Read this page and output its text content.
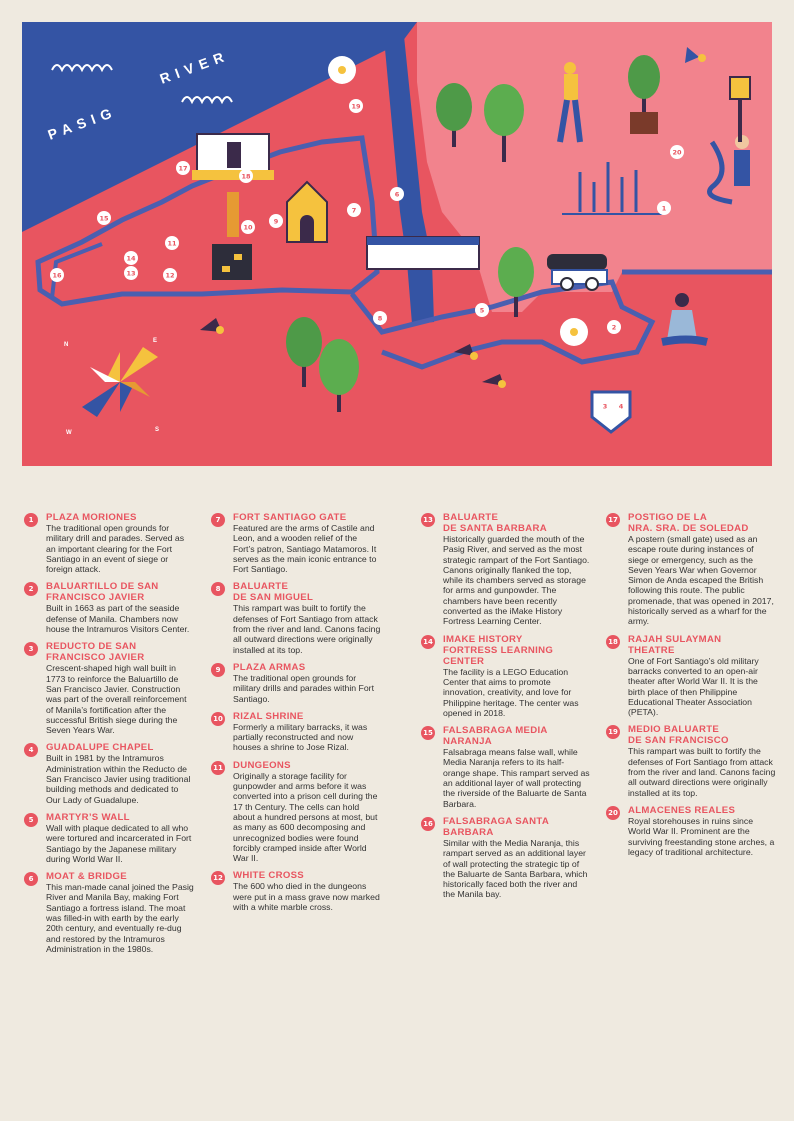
PASIG
RIVER
N
E
W	S
1
2
3 4
5
6
7
8
9
10
11
12
13
14
15
16
17
18
19
20
1	PLAZA MORIONES
The traditional open grounds for military drill and parades. Served as an important clearing for the Fort Santiago in an event of siege or foreign attack.
2	BALUARTILLO DE SAN
FRANCISCO JAVIER
Built in 1663 as part of the seaside defense of Manila. Chambers now house the Intramuros Visitors Center.
3	REDUCTO DE SAN
FRANCISCO JAVIER
Crescent-shaped high wall built in 1773 to reinforce the Baluartillo de San Francisco Javier. Construction was part of the overall reinforcement of Manila’s fortification after the successful British siege during the Seven Years War.
4	GUADALUPE CHAPEL
Built in 1981 by the Intramuros Administration within the Reducto de San Francisco Javier using traditional building methods and dedicated to Our Lady of Guadalupe.
5	MARTYR’S WALL
Wall with plaque dedicated to all who were tortured and incarcerated in Fort Santiago by the Japanese military during World War II.
6	MOAT & BRIDGE
This man-made canal joined the Pasig River and Manila Bay, making Fort Santiago a fortress island. The moat was filled-in with earth by the early 20th century, and eventually re-dug and restored by the Intramuros Administration in the 1980s.
7	FORT SANTIAGO GATE
Featured are the arms of Castile and Leon, and a wooden relief of the Fort’s patron, Santiago Matamoros. It serves as the main iconic entrance to Fort Santiago.
8	BALUARTE
DE SAN MIGUEL
This rampart was built to fortify the defenses of Fort Santiago from attack from the river and land. Canons facing all outward directions were originally installed at its top.
9	PLAZA ARMAS
The traditional open grounds for military drills and parades within Fort Santiago.
10 RIZAL SHRINE
Formerly a military barracks, it was partially reconstructed and now houses a shrine to Jose Rizal.
11 DUNGEONS
Originally a storage facility for gunpowder and arms before it was converted into a prison cell during the 17 th Century. The cells can hold about a hundred persons at most, but as many as 600 decomposing and unrecognized bodies were found forcibly cramped inside after World War II.
12 WHITE CROSS
The 600 who died in the dungeons were put in a mass grave now marked with a white marble cross.
13 BALUARTE
DE SANTA BARBARA
Historically guarded the mouth of the Pasig River, and served as the most strategic rampart of the Fort Santiago. Canons originally flanked the top, while its chambers served as storage for arms and gunpowder. The chambers have been recently converted as the iMake History Fortress Learning Center.
14 IMAKE HISTORY
FORTRESS LEARNING
CENTER
The facility is a LEGO Education Center that aims to promote innovation, creativity, and love for Philippine heritage. The center was opened in 2018.
15 FALSABRAGA MEDIA
NARANJA
Falsabraga means false wall, while Media Naranja refers to its half-orange shape. This rampart served as an additional layer of wall protecting the riverside of the Baluarte de Santa Barbara.
16 FALSABRAGA SANTA
BARBARA
Similar with the Media Naranja, this rampart served as an additional layer of wall protecting the strategic tip of the Baluarte de Santa Barbara, which historically faced both the river and the Manila bay.
17 POSTIGO DE LA
NRA. SRA. DE SOLEDAD
A postern (small gate) used as an escape route during instances of siege or emergency, such as the Seven Years War when Governor Simon de Anda escaped the British following this route. The public promenade, that was opened in 2017, historically served as a wharf for the army.
18 RAJAH SULAYMAN
THEATRE
One of Fort Santiago’s old military barracks converted to an open-air theater after World War II. It is the birth place of then Philippine Educational Theater Association (PETA).
19 MEDIO BALUARTE
DE SAN FRANCISCO
This rampart was built to fortify the defenses of Fort Santiago from attack from the river and land. Canons facing all outward directions were originally installed at its top.
20 ALMACENES REALES
Royal storehouses in ruins since World War II. Prominent are the surviving freestanding stone arches, a legacy of traditional architecture.
